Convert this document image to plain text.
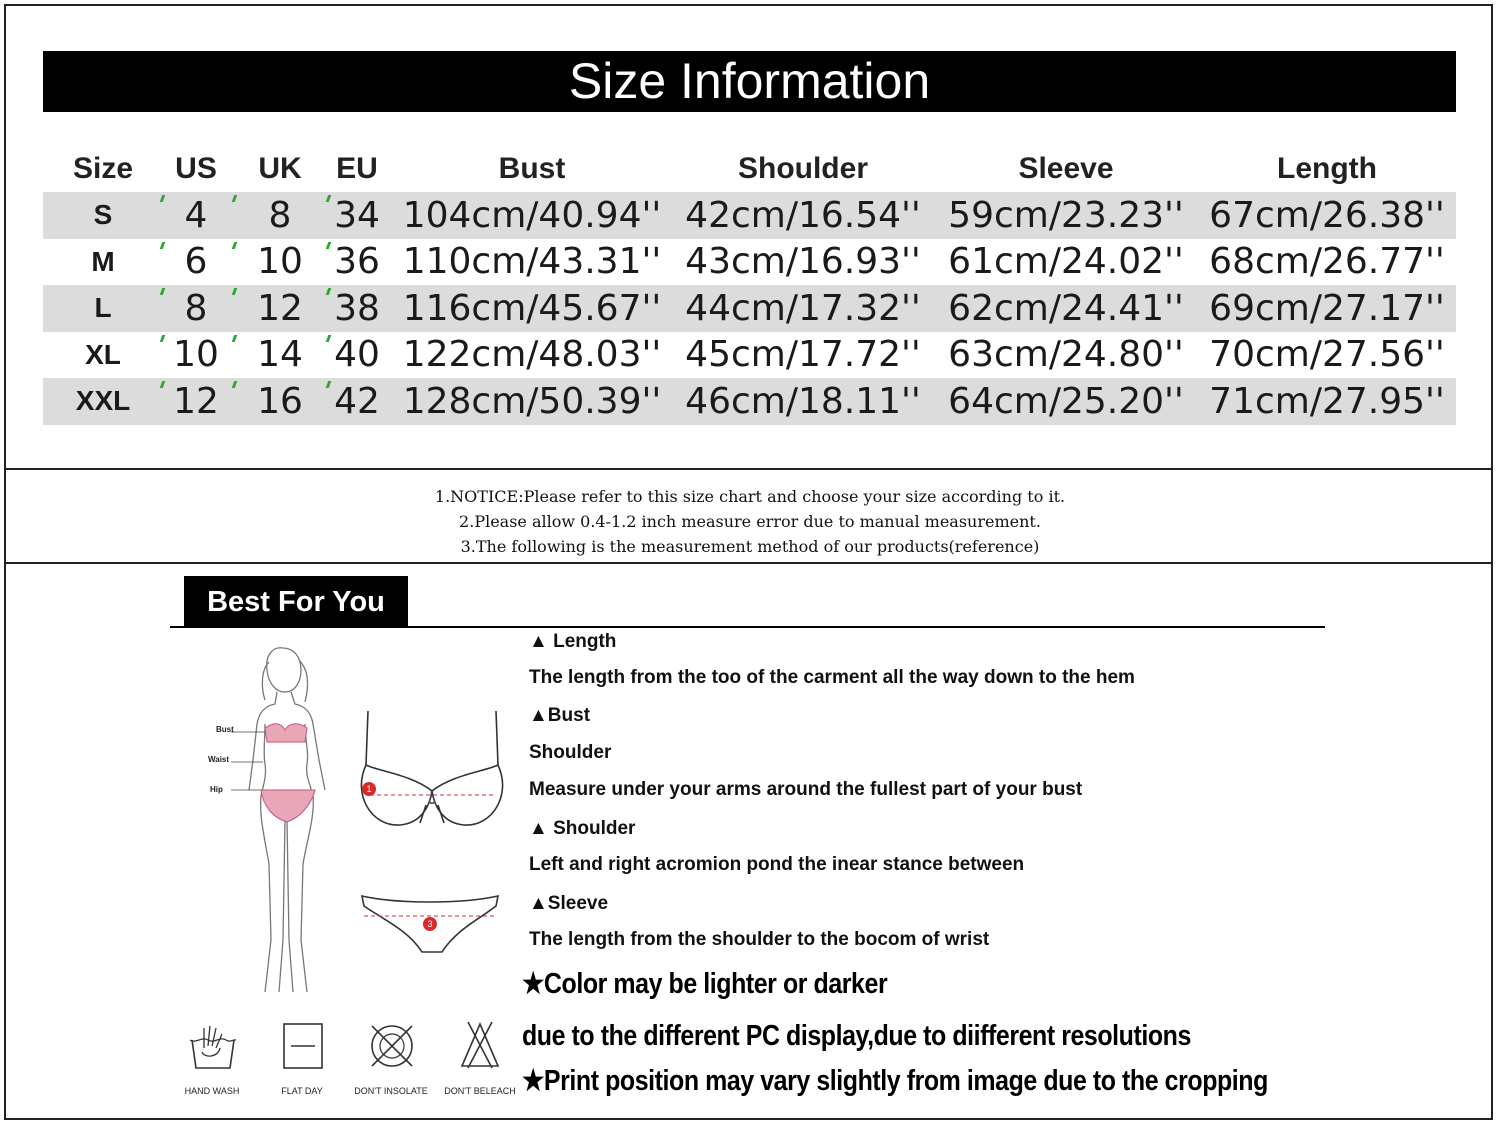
Size Information
Size	US	UK	EU	Bust	Shoulder	Sleeve	Length
S	4	8	34 104cm/40.94'' 42cm/16.54'' 59cm/23.23'' 67cm/26.38''
M	6	10 36 110cm/43.31'' 43cm/16.93'' 61cm/24.02'' 68cm/26.77''
L	8	12 38 116cm/45.67'' 44cm/17.32'' 62cm/24.41'' 69cm/27.17''
XL	10	14 40 122cm/48.03'' 45cm/17.72'' 63cm/24.80'' 70cm/27.56''
XXL	12	16 42 128cm/50.39'' 46cm/18.11'' 64cm/25.20'' 71cm/27.95''
1.NOTICE:Please refer to this size chart and choose your size according to it.
2.Please allow 0.4-1.2 inch measure error due to manual measurement.
3.The following is the measurement method of our products(reference)
Best For You
Bust
Waist
Hip	1
3
▲ Length
The length from the too of the carment all the way down to the hem
▲Bust
Shoulder
Measure under your arms around the fullest part of your bust
▲ Shoulder
Left and right acromion pond the inear stance between
▲Sleeve
The length from the shoulder to the bocom of wrist
★Color may be lighter or darker
due to the different PC display,due to diifferent resolutions
★Print position may vary slightly from image due to the cropping
HAND WASH	FLAT DAY	DON'T INSOLATE	DON'T BELEACH
